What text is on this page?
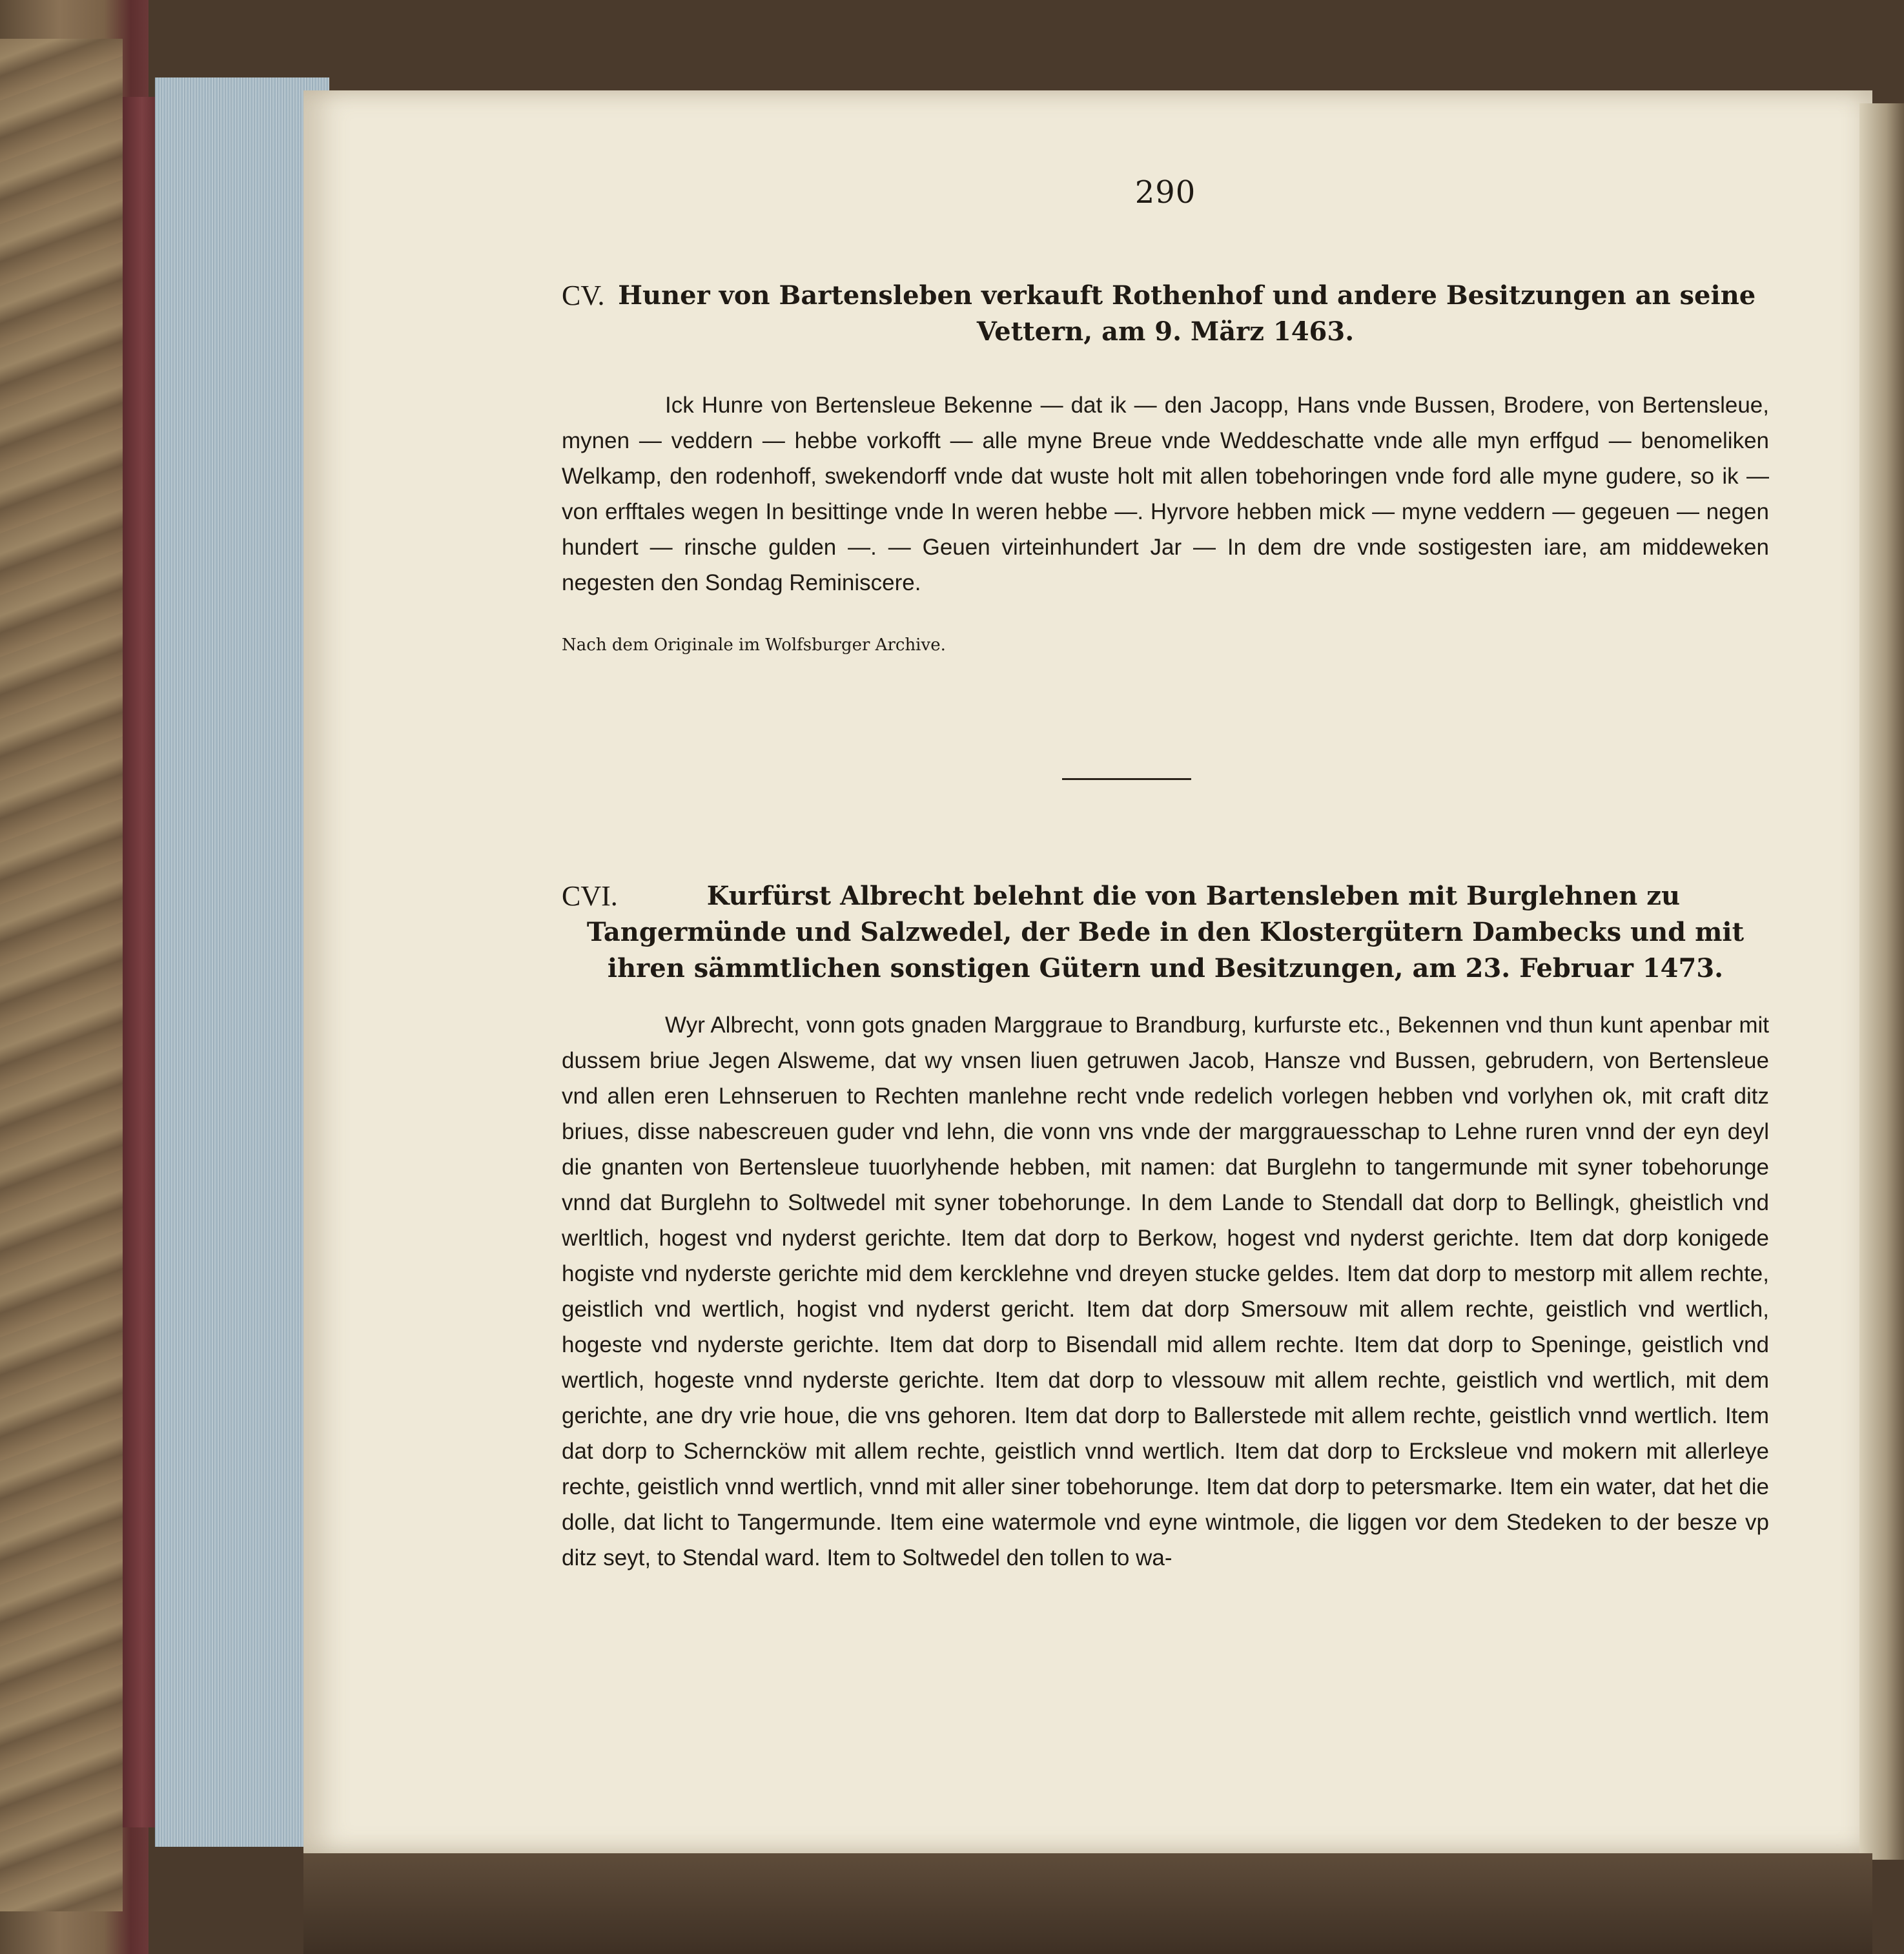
290
CV. Huner von Bartensleben verkauft Rothenhof und andere Besitzungen an seine Vettern, am 9. März 1463.

Ick Hunre von Bertensleue Bekenne — dat ik — den Jacopp, Hans vnde Bussen, Brodere, von Bertensleue, mynen — veddern — hebbe vorkofft — alle myne Breue vnde Weddeschatte vnde alle myn erffgud — benomeliken Welkamp, den rodenhoff, swekendorff vnde dat wuste holt mit allen tobehoringen vnde ford alle myne gudere, so ik — von erfftales wegen In besittinge vnde In weren hebbe —. Hyrvore hebben mick — myne veddern — gegeuen — negen hundert — rinsche gulden —. — Geuen virteinhundert Jar — In dem dre vnde sostigesten iare, am middeweken negesten den Sondag Reminiscere.

Nach dem Originale im Wolfsburger Archive.
CVI.	Kurfürst Albrecht belehnt die von Bartensleben mit Burglehnen zu Tangermünde und Salzwedel, der Bede in den Klostergütern Dambecks und mit ihren sämmtlichen sonstigen Gütern und Besitzungen, am 23. Februar 1473.

Wyr Albrecht, vonn gots gnaden Marggraue to Brandburg, kurfurste etc., Bekennen vnd thun kunt apenbar mit dussem briue Jegen Alsweme, dat wy vnsen liuen getruwen Jacob, Hansze vnd Bussen, gebrudern, von Bertensleue vnd allen eren Lehnseruen to Rechten manlehne recht vnde redelich vorlegen hebben vnd vorlyhen ok, mit craft ditz briues, disse nabescreuen guder vnd lehn, die vonn vns vnde der marggrauesschap to Lehne ruren vnnd der eyn deyl die gnanten von Bertensleue tuuorlyhende hebben, mit namen: dat Burglehn to tangermunde mit syner tobehorunge vnnd dat Burglehn to Soltwedel mit syner tobehorunge. In dem Lande to Stendall dat dorp to Bellingk, gheistlich vnd werltlich, hogest vnd nyderst gerichte. Item dat dorp to Berkow, hogest vnd nyderst gerichte. Item dat dorp konigede hogiste vnd nyderste gerichte mid dem kercklehne vnd dreyen stucke geldes. Item dat dorp to mestorp mit allem rechte, geistlich vnd wertlich, hogist vnd nyderst gericht. Item dat dorp Smersouw mit allem rechte, geistlich vnd wertlich, hogeste vnd nyderste gerichte. Item dat dorp to Bisendall mid allem rechte. Item dat dorp to Speninge, geistlich vnd wertlich, hogeste vnnd nyderste gerichte. Item dat dorp to vlessouw mit allem rechte, geistlich vnd wertlich, mit dem gerichte, ane dry vrie houe, die vns gehoren. Item dat dorp to Ballerstede mit allem rechte, geistlich vnnd wertlich. Item dat dorp to Scherncköw mit allem rechte, geistlich vnnd wertlich. Item dat dorp to Ercksleue vnd mokern mit allerleye rechte, geistlich vnnd wertlich, vnnd mit aller siner tobehorunge. Item dat dorp to petersmarke. Item ein water, dat het die dolle, dat licht to Tangermunde. Item eine watermole vnd eyne wintmole, die liggen vor dem Stedeken to der besze vp ditz seyt, to Stendal ward. Item to Soltwedel den tollen to wa-
